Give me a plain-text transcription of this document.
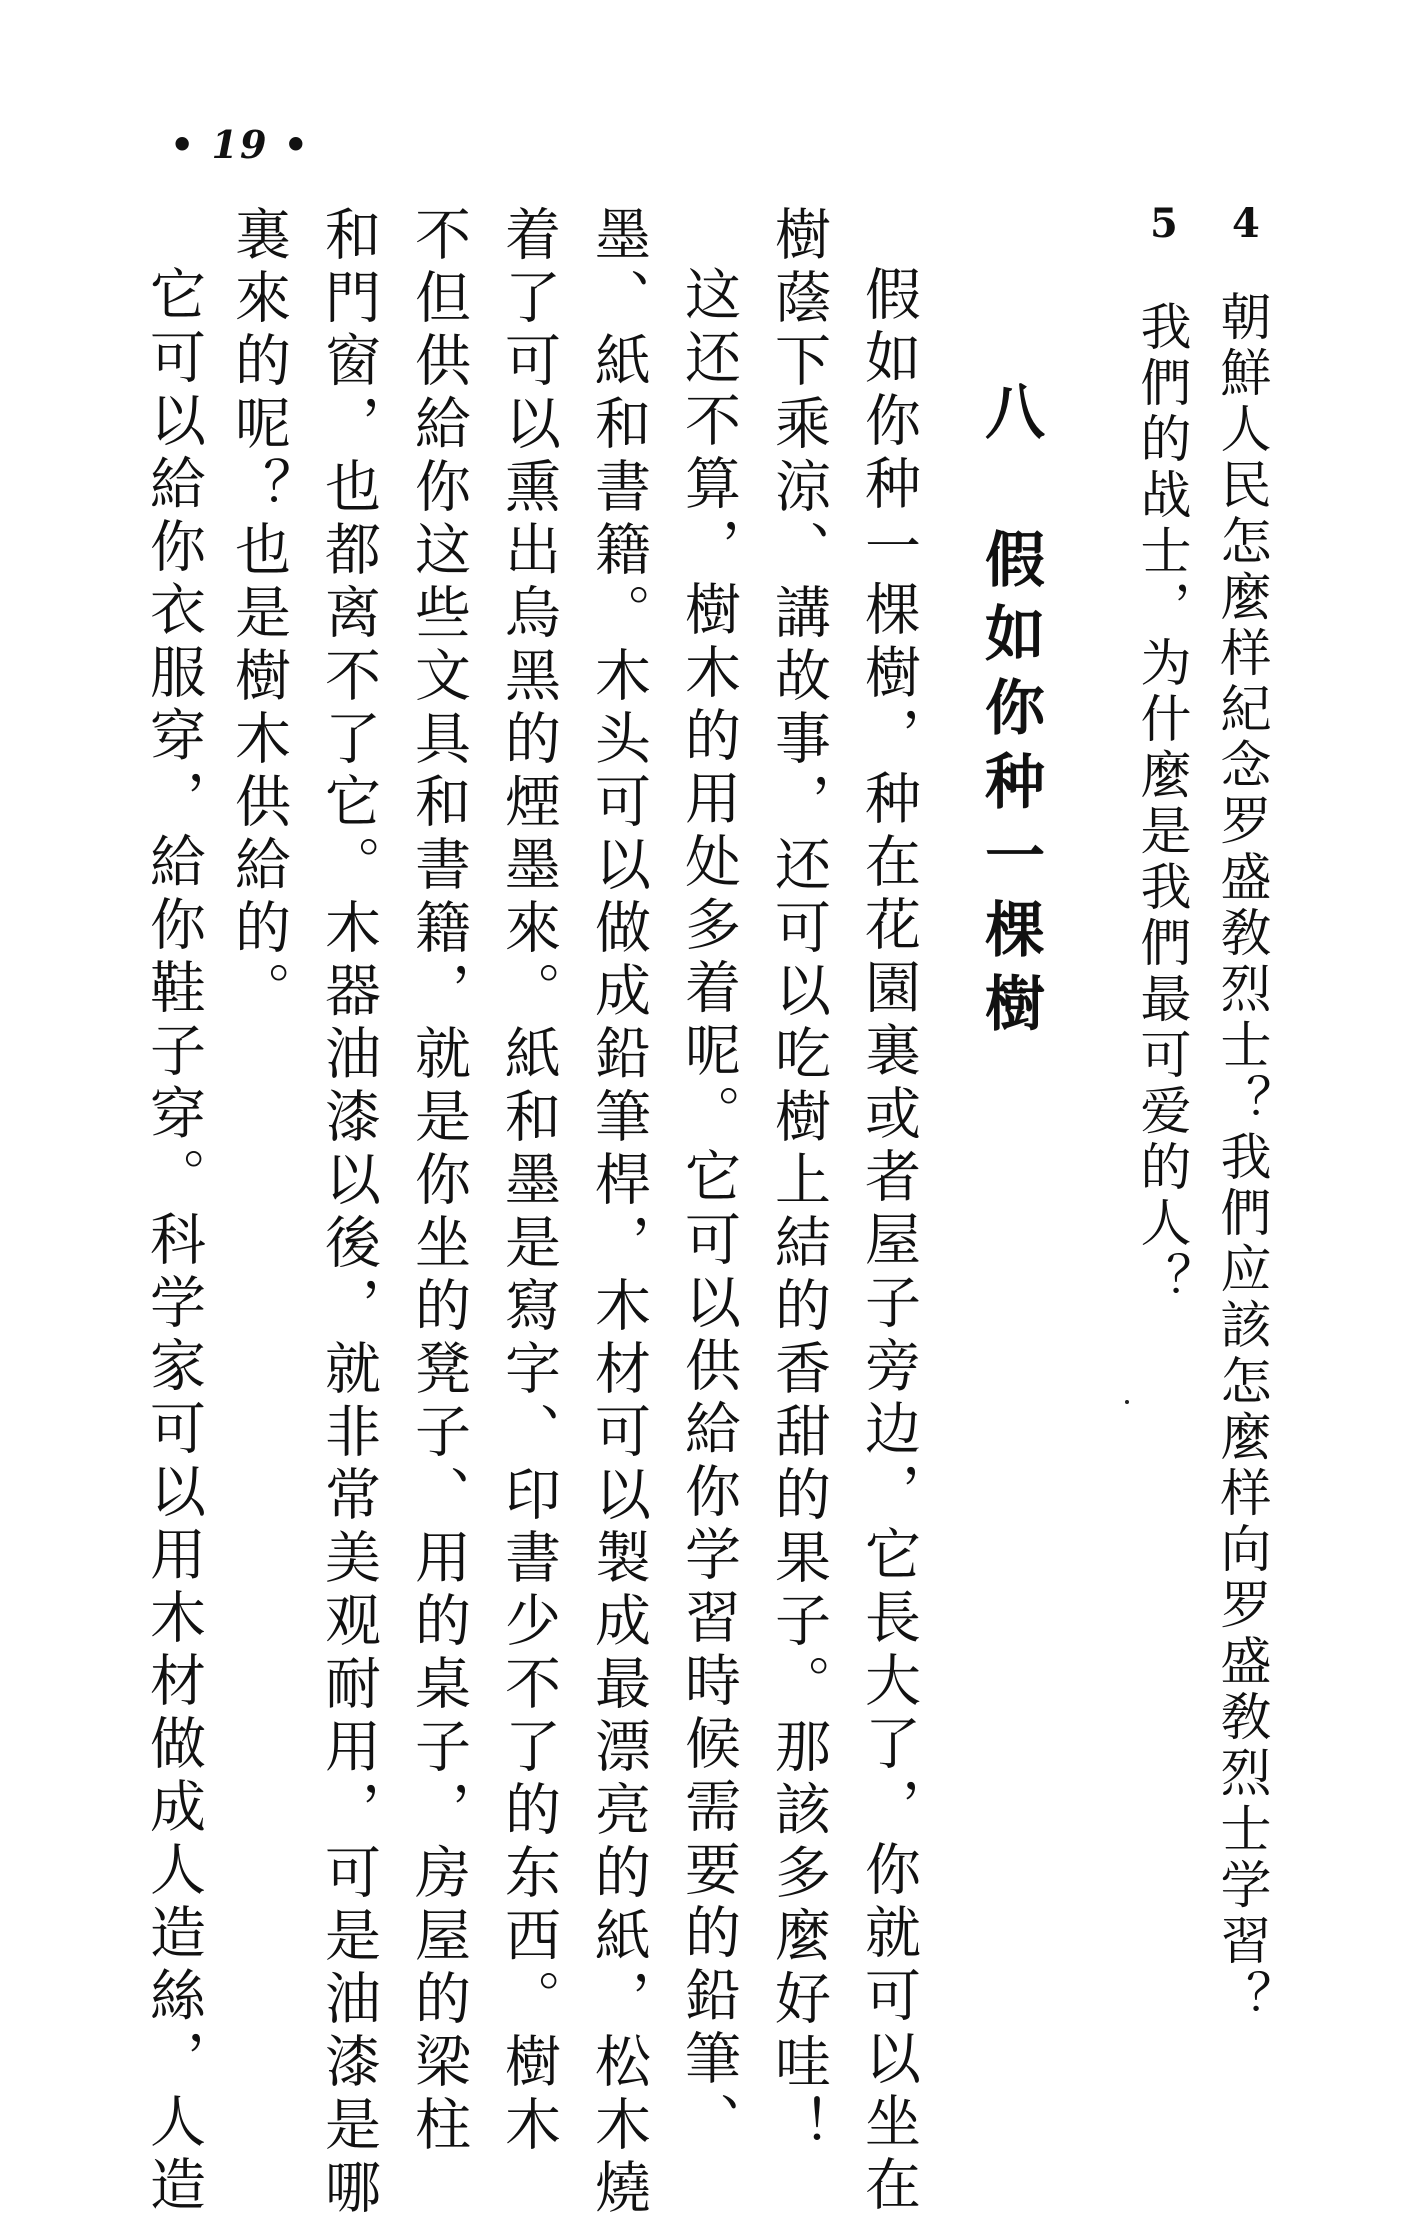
• 19 •
4
5
朝鮮人民怎麼样紀念罗盛敎烈士？我們应該怎麼样向罗盛敎烈士学習？
我們的战士，为什麼是我們最可爱的人？
八　假如你种一棵樹
假如你种一棵樹，种在花園裏或者屋子旁边，它長大了，你就可以坐在
樹蔭下乘涼、講故事，还可以吃樹上結的香甜的果子。那該多麼好哇！
这还不算，樹木的用处多着呢。它可以供給你学習時候需要的鉛筆、
墨、紙和書籍。木头可以做成鉛筆桿，木材可以製成最漂亮的紙，松木燒
着了可以熏出烏黑的煙墨來。紙和墨是寫字、印書少不了的东西。樹木
不但供給你这些文具和書籍，就是你坐的凳子、用的桌子，房屋的梁柱
和門窗，也都离不了它。木器油漆以後，就非常美观耐用，可是油漆是哪
裏來的呢？也是樹木供給的。
它可以給你衣服穿，給你鞋子穿。科学家可以用木材做成人造絲，人造
